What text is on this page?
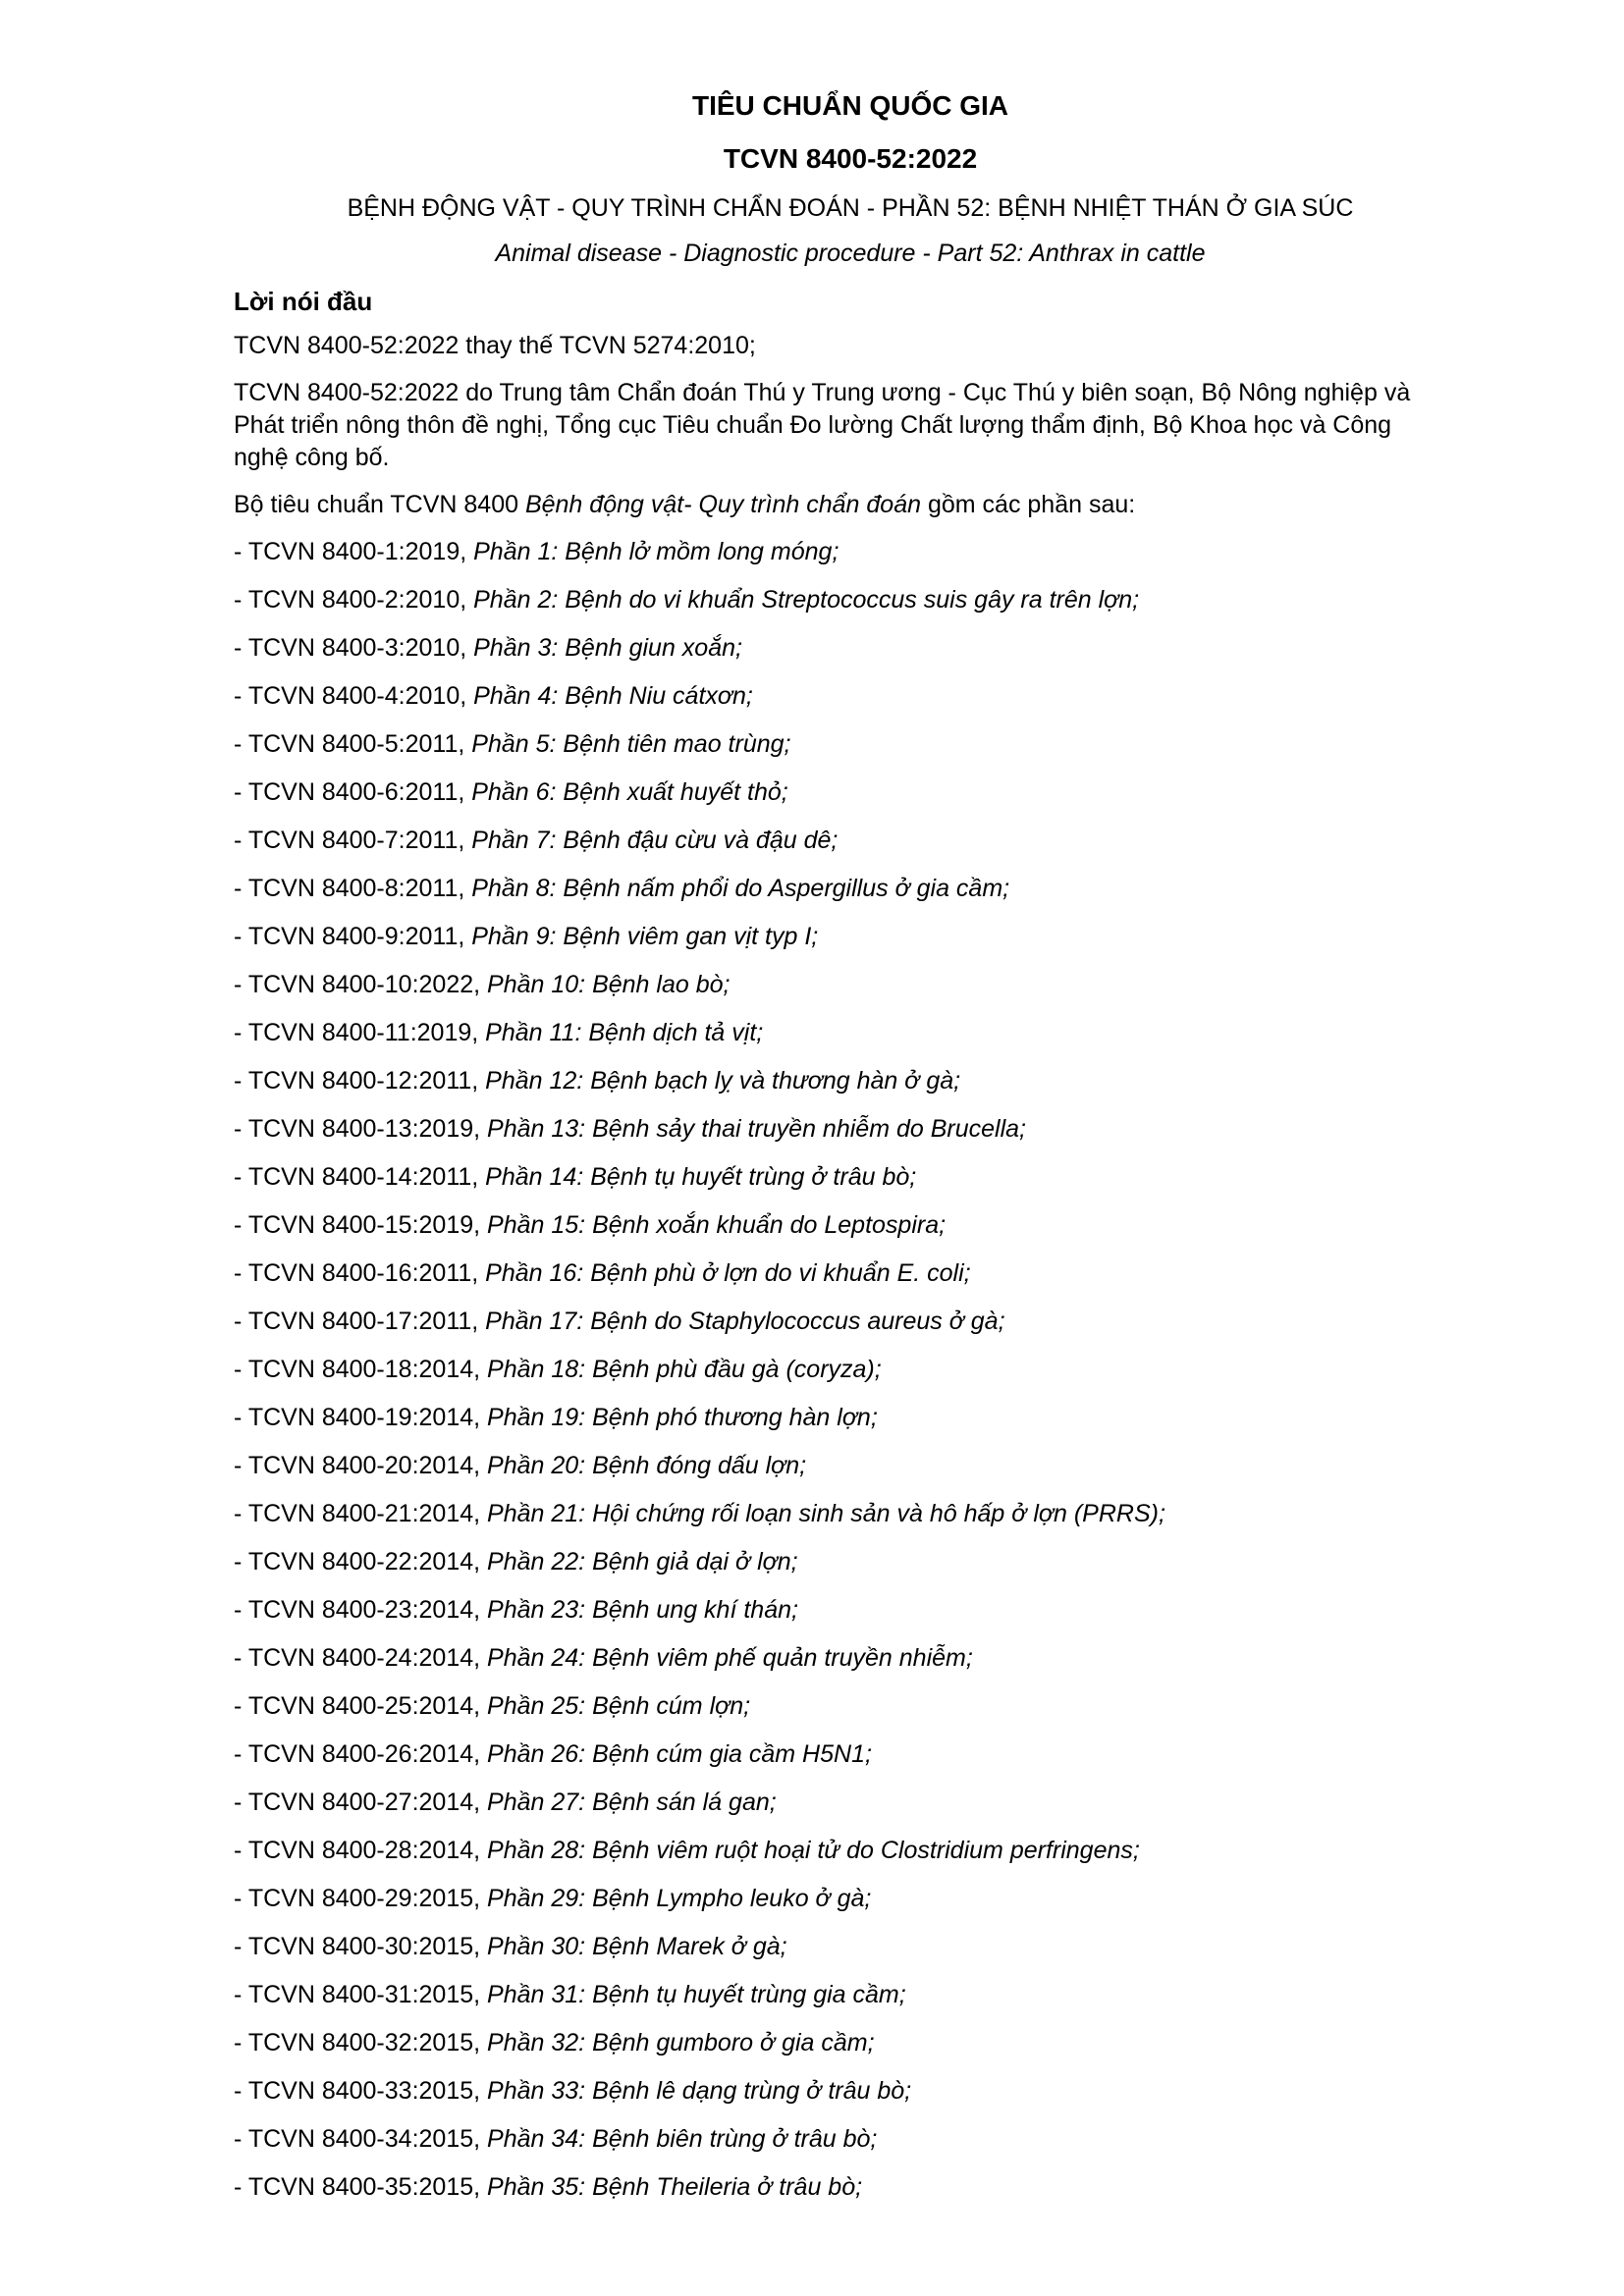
TIÊU CHUẨN QUỐC GIA
TCVN 8400-52:2022
BỆNH ĐỘNG VẬT - QUY TRÌNH CHẨN ĐOÁN - PHẦN 52: BỆNH NHIỆT THÁN Ở GIA SÚC
Animal disease - Diagnostic procedure - Part 52: Anthrax in cattle
Lời nói đầu

TCVN 8400-52:2022 thay thế TCVN 5274:2010;

TCVN 8400-52:2022 do Trung tâm Chẩn đoán Thú y Trung ương - Cục Thú y biên soạn, Bộ Nông nghiệp và Phát triển nông thôn đề nghị, Tổng cục Tiêu chuẩn Đo lường Chất lượng thẩm định, Bộ Khoa học và Công nghệ công bố.

Bộ tiêu chuẩn TCVN 8400 Bệnh động vật- Quy trình chẩn đoán gồm các phần sau:

- TCVN 8400-1:2019, Phần 1: Bệnh lở mồm long móng;
- TCVN 8400-2:2010, Phần 2: Bệnh do vi khuẩn Streptococcus suis gây ra trên lợn;
- TCVN 8400-3:2010, Phần 3: Bệnh giun xoắn;
- TCVN 8400-4:2010, Phần 4: Bệnh Niu cátxơn;
- TCVN 8400-5:2011, Phần 5: Bệnh tiên mao trùng;
- TCVN 8400-6:2011, Phần 6: Bệnh xuất huyết thỏ;
- TCVN 8400-7:2011, Phần 7: Bệnh đậu cừu và đậu dê;
- TCVN 8400-8:2011, Phần 8: Bệnh nấm phổi do Aspergillus ở gia cầm;
- TCVN 8400-9:2011, Phần 9: Bệnh viêm gan vịt typ I;
- TCVN 8400-10:2022, Phần 10: Bệnh lao bò;
- TCVN 8400-11:2019, Phần 11: Bệnh dịch tả vịt;
- TCVN 8400-12:2011, Phần 12: Bệnh bạch lỵ và thương hàn ở gà;
- TCVN 8400-13:2019, Phần 13: Bệnh sảy thai truyền nhiễm do Brucella;
- TCVN 8400-14:2011, Phần 14: Bệnh tụ huyết trùng ở trâu bò;
- TCVN 8400-15:2019, Phần 15: Bệnh xoắn khuẩn do Leptospira;
- TCVN 8400-16:2011, Phần 16: Bệnh phù ở lợn do vi khuẩn E. coli;
- TCVN 8400-17:2011, Phần 17: Bệnh do Staphylococcus aureus ở gà;
- TCVN 8400-18:2014, Phần 18: Bệnh phù đầu gà (coryza);
- TCVN 8400-19:2014, Phần 19: Bệnh phó thương hàn lợn;
- TCVN 8400-20:2014, Phần 20: Bệnh đóng dấu lợn;
- TCVN 8400-21:2014, Phần 21: Hội chứng rối loạn sinh sản và hô hấp ở lợn (PRRS);
- TCVN 8400-22:2014, Phần 22: Bệnh giả dại ở lợn;
- TCVN 8400-23:2014, Phần 23: Bệnh ung khí thán;
- TCVN 8400-24:2014, Phần 24: Bệnh viêm phế quản truyền nhiễm;
- TCVN 8400-25:2014, Phần 25: Bệnh cúm lợn;
- TCVN 8400-26:2014, Phần 26: Bệnh cúm gia cầm H5N1;
- TCVN 8400-27:2014, Phần 27: Bệnh sán lá gan;
- TCVN 8400-28:2014, Phần 28: Bệnh viêm ruột hoại tử do Clostridium perfringens;
- TCVN 8400-29:2015, Phần 29: Bệnh Lympho leuko ở gà;
- TCVN 8400-30:2015, Phần 30: Bệnh Marek ở gà;
- TCVN 8400-31:2015, Phần 31: Bệnh tụ huyết trùng gia cầm;
- TCVN 8400-32:2015, Phần 32: Bệnh gumboro ở gia cầm;
- TCVN 8400-33:2015, Phần 33: Bệnh lê dạng trùng ở trâu bò;
- TCVN 8400-34:2015, Phần 34: Bệnh biên trùng ở trâu bò;
- TCVN 8400-35:2015, Phần 35: Bệnh Theileria ở trâu bò;
